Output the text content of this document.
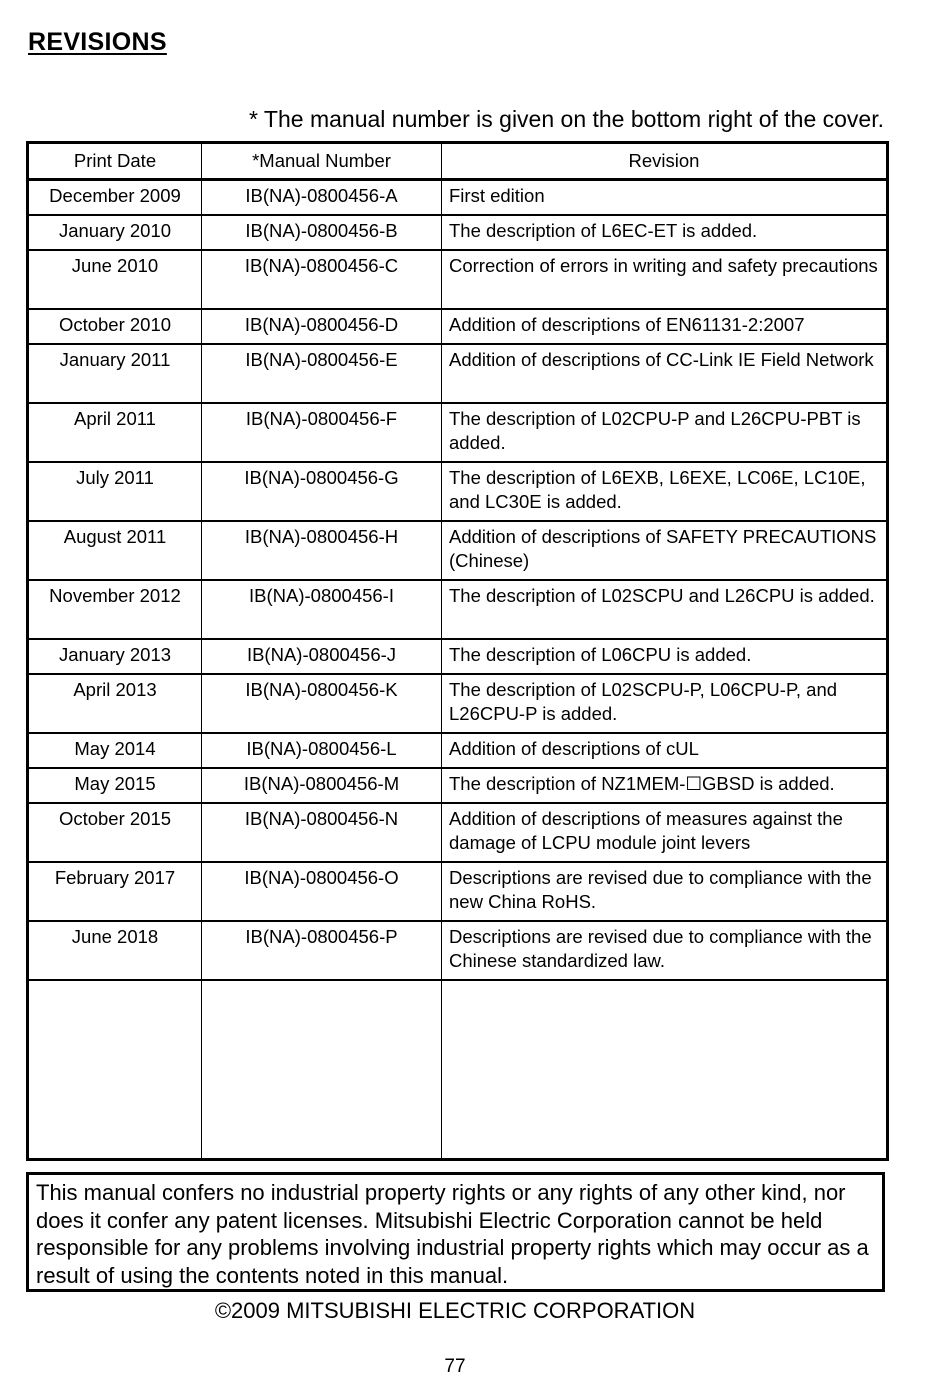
REVISIONS
* The manual number is given on the bottom right of the cover.
Print Date	*Manual Number	Revision
December 2009	IB(NA)-0800456-A	First edition
January 2010	IB(NA)-0800456-B	The description of L6EC-ET is added.
June 2010	IB(NA)-0800456-C	Correction of errors in writing and safety precautions
October 2010	IB(NA)-0800456-D	Addition of descriptions of EN61131-2:2007
January 2011	IB(NA)-0800456-E	Addition of descriptions of CC-Link IE Field Network
April 2011	IB(NA)-0800456-F	The description of L02CPU-P and L26CPU-PBT is added.
July 2011	IB(NA)-0800456-G	The description of L6EXB, L6EXE, LC06E, LC10E, and LC30E is added.
August 2011	IB(NA)-0800456-H	Addition of descriptions of SAFETY PRECAUTIONS (Chinese)
November 2012	IB(NA)-0800456-I	The description of L02SCPU and L26CPU is added.
January 2013	IB(NA)-0800456-J	The description of L06CPU is added.
April 2013	IB(NA)-0800456-K	The description of L02SCPU-P, L06CPU-P, and L26CPU-P is added.
May 2014	IB(NA)-0800456-L	Addition of descriptions of cUL
May 2015	IB(NA)-0800456-M	The description of NZ1MEM-☐GBSD is added.
October 2015	IB(NA)-0800456-N	Addition of descriptions of measures against the damage of LCPU module joint levers
February 2017	IB(NA)-0800456-O	Descriptions are revised due to compliance with the new China RoHS.
June 2018	IB(NA)-0800456-P	Descriptions are revised due to compliance with the Chinese standardized law.

This manual confers no industrial property rights or any rights of any other kind, nor does it confer any patent licenses. Mitsubishi Electric Corporation cannot be held responsible for any problems involving industrial property rights which may occur as a result of using the contents noted in this manual.
©2009 MITSUBISHI ELECTRIC CORPORATION
77
